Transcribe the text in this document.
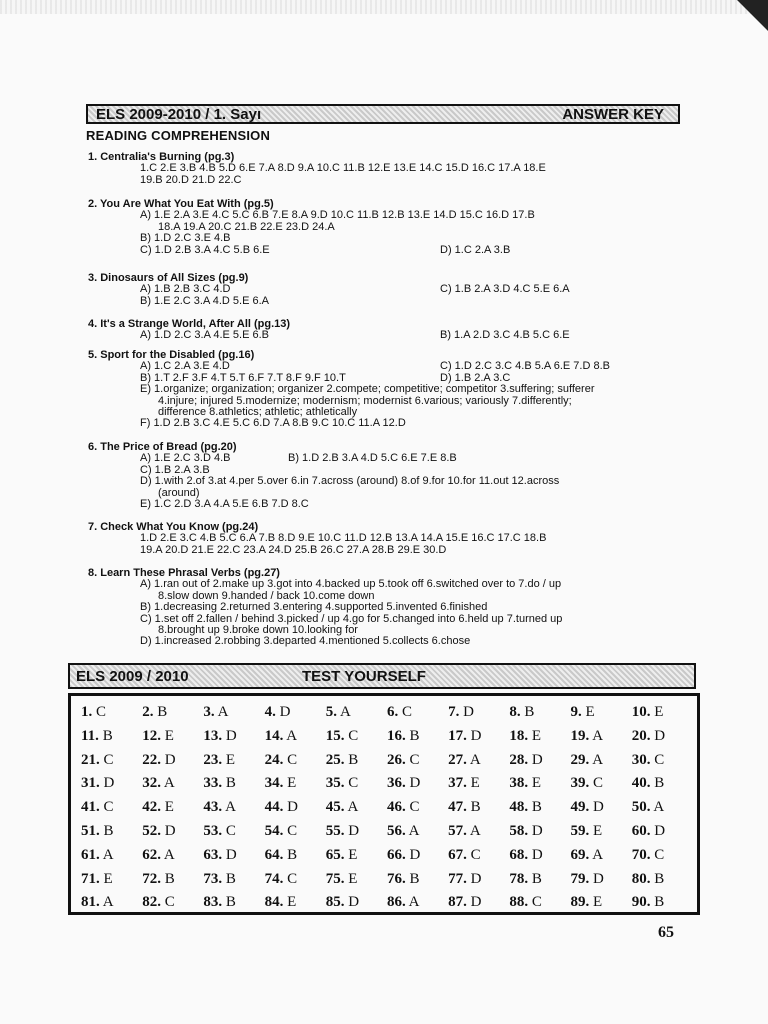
ELS 2009-2010 / 1. Sayı	ANSWER KEY
READING COMPREHENSION
1. Centralia's Burning (pg.3)
1.C 2.E 3.B 4.B 5.D 6.E 7.A 8.D 9.A 10.C 11.B 12.E 13.E 14.C 15.D 16.C 17.A 18.E
19.B 20.D 21.D 22.C
2. You Are What You Eat With (pg.5)
A) 1.E 2.A 3.E 4.C 5.C 6.B 7.E 8.A 9.D 10.C 11.B 12.B 13.E 14.D 15.C 16.D 17.B
18.A 19.A 20.C 21.B 22.E 23.D 24.A
B) 1.D 2.C 3.E 4.B
C) 1.D 2.B 3.A 4.C 5.B 6.E	D) 1.C 2.A 3.B
3. Dinosaurs of All Sizes (pg.9)
A) 1.B 2.B 3.C 4.D	C) 1.B 2.A 3.D 4.C 5.E 6.A
B) 1.E 2.C 3.A 4.D 5.E 6.A
4. It's a Strange World, After All (pg.13)
A) 1.D 2.C 3.A 4.E 5.E 6.B	B) 1.A 2.D 3.C 4.B 5.C 6.E
5. Sport for the Disabled (pg.16)
A) 1.C 2.A 3.E 4.D	C) 1.D 2.C 3.C 4.B 5.A 6.E 7.D 8.B
B) 1.T 2.F 3.F 4.T 5.T 6.F 7.T 8.F 9.F 10.T	D) 1.B 2.A 3.C
E) 1.organize; organization; organizer 2.compete; competitive; competitor 3.suffering; sufferer
4.injure; injured 5.modernize; modernism; modernist 6.various; variously 7.differently;
difference 8.athletics; athletic; athletically
F) 1.D 2.B 3.C 4.E 5.C 6.D 7.A 8.B 9.C 10.C 11.A 12.D
6. The Price of Bread (pg.20)
A) 1.E 2.C 3.D 4.B	B) 1.D 2.B 3.A 4.D 5.C 6.E 7.E 8.B
C) 1.B 2.A 3.B
D) 1.with 2.of 3.at 4.per 5.over 6.in 7.across (around) 8.of 9.for 10.for 11.out 12.across
(around)
E) 1.C 2.D 3.A 4.A 5.E 6.B 7.D 8.C
7. Check What You Know (pg.24)
1.D 2.E 3.C 4.B 5.C 6.A 7.B 8.D 9.E 10.C 11.D 12.B 13.A 14.A 15.E 16.C 17.C 18.B
19.A 20.D 21.E 22.C 23.A 24.D 25.B 26.C 27.A 28.B 29.E 30.D
8. Learn These Phrasal Verbs (pg.27)
A) 1.ran out of 2.make up 3.got into 4.backed up 5.took off 6.switched over to 7.do / up
8.slow down 9.handed / back 10.come down
B) 1.decreasing 2.returned 3.entering 4.supported 5.invented 6.finished
C) 1.set off 2.fallen / behind 3.picked / up 4.go for 5.changed into 6.held up 7.turned up
8.brought up 9.broke down 10.looking for
D) 1.increased 2.robbing 3.departed 4.mentioned 5.collects 6.chose
ELS 2009 / 2010	TEST YOURSELF
1. C	2. B	3. A	4. D	5. A	6. C	7. D	8. B	9. E	10. E
11. B	12. E	13. D	14. A	15. C	16. B	17. D	18. E	19. A	20. D
21. C	22. D	23. E	24. C	25. B	26. C	27. A	28. D	29. A	30. C
31. D	32. A	33. B	34. E	35. C	36. D	37. E	38. E	39. C	40. B
41. C	42. E	43. A	44. D	45. A	46. C	47. B	48. B	49. D	50. A
51. B	52. D	53. C	54. C	55. D	56. A	57. A	58. D	59. E	60. D
61. A	62. A	63. D	64. B	65. E	66. D	67. C	68. D	69. A	70. C
71. E	72. B	73. B	74. C	75. E	76. B	77. D	78. B	79. D	80. B
81. A	82. C	83. B	84. E	85. D	86. A	87. D	88. C	89. E	90. B
65
